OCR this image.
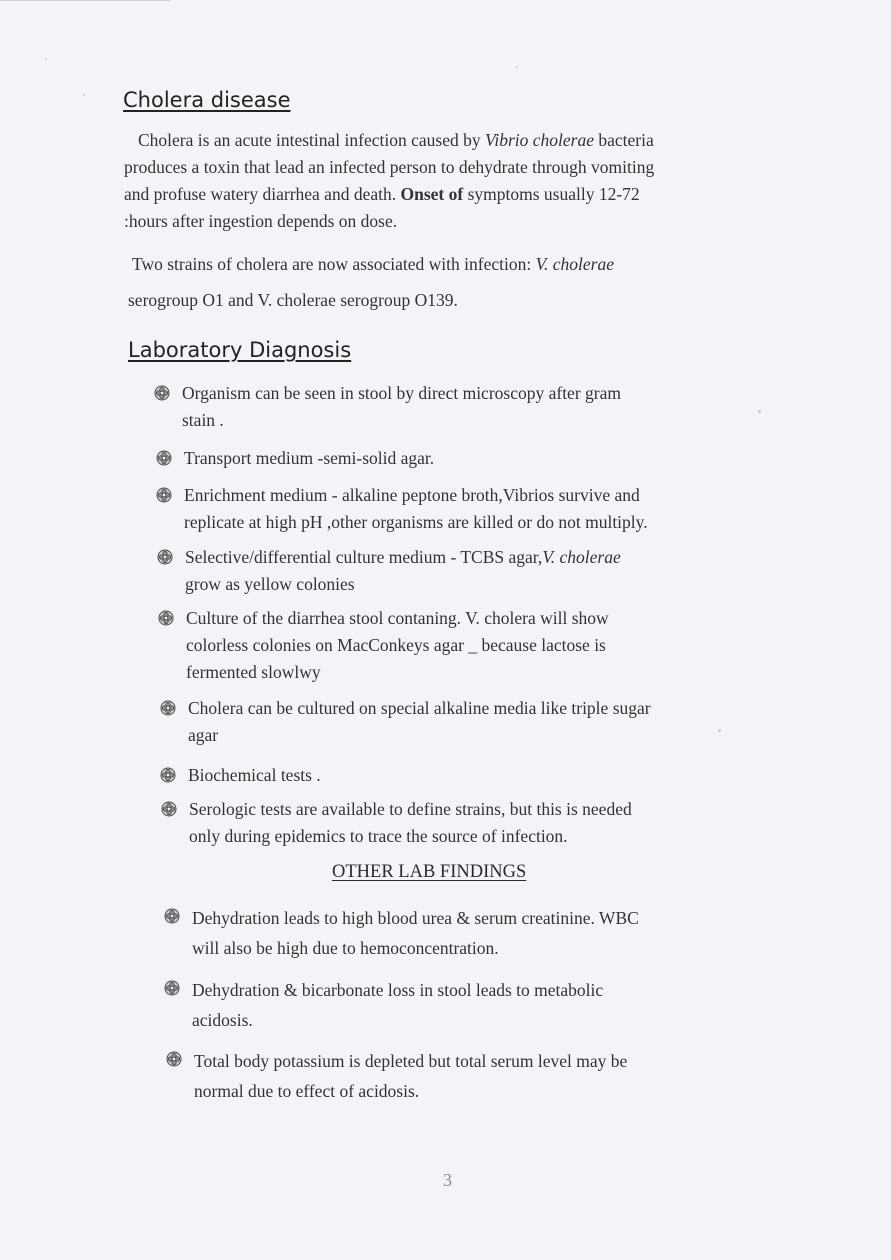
Cholera disease

Cholera is an acute intestinal infection caused by Vibrio cholerae bacteria
produces a toxin that lead an infected person to dehydrate through vomiting
and profuse watery diarrhea and death. Onset of symptoms usually 12-72
:hours after ingestion depends on dose.

Two strains of cholera are now associated with infection: V. cholerae
serogroup O1 and V. cholerae serogroup O139.

Laboratory Diagnosis
Organism can be seen in stool by direct microscopy after gram
stain .
Transport medium -semi-solid agar.
Enrichment medium - alkaline peptone broth,Vibrios survive and
replicate at high pH ,other organisms are killed or do not multiply.
Selective/differential culture medium - TCBS agar,V. cholerae
grow as yellow colonies
Culture of the diarrhea stool contaning. V. cholera will show
colorless colonies on MacConkeys agar _ because lactose is
fermented slowlwy
Cholera can be cultured on special alkaline media like triple sugar
agar
Biochemical tests .
Serologic tests are available to define strains, but this is needed
only during epidemics to trace the source of infection.
OTHER LAB FINDINGS
Dehydration leads to high blood urea & serum creatinine. WBC
will also be high due to hemoconcentration.
Dehydration & bicarbonate loss in stool leads to metabolic
acidosis.
Total body potassium is depleted but total serum level may be
normal due to effect of acidosis.
3
